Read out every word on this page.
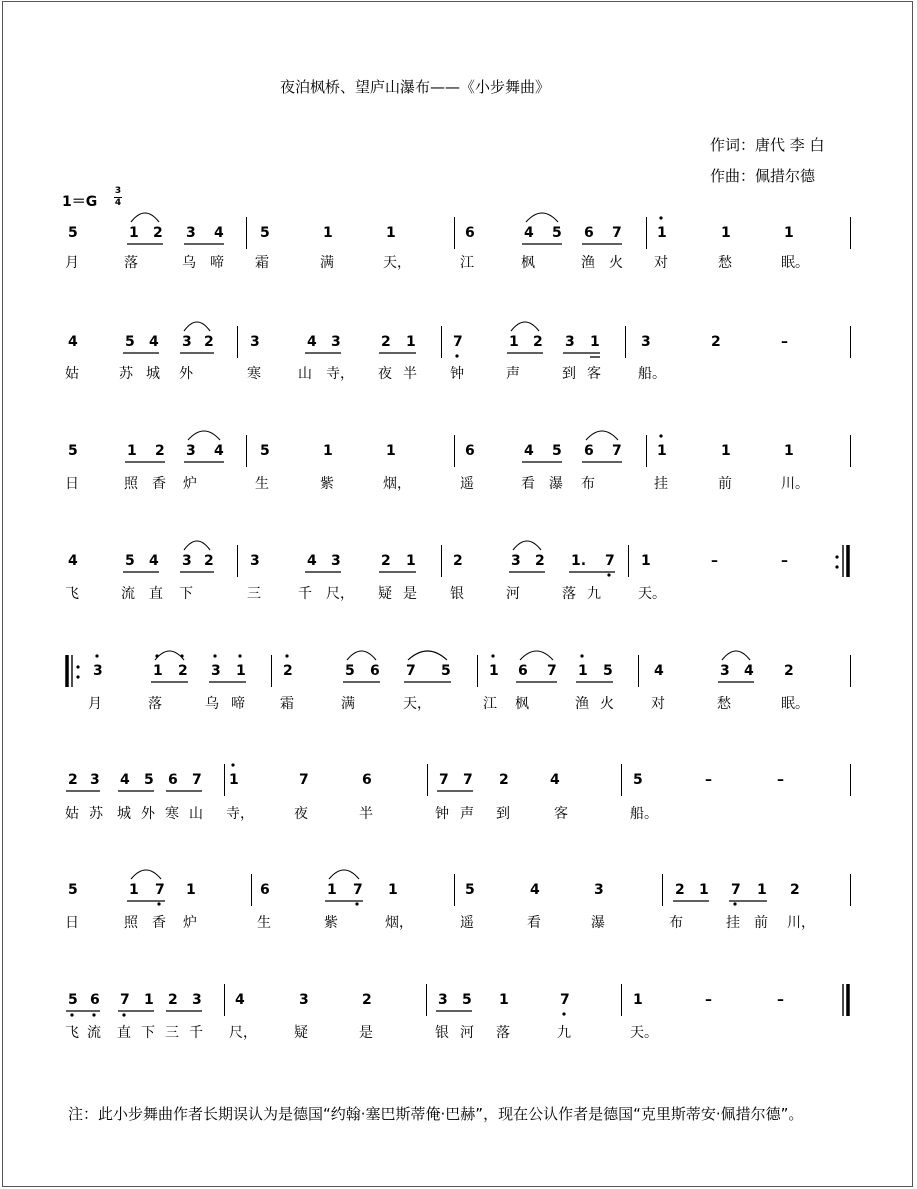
夜泊枫桥、望庐山瀑布——《小步舞曲》
作词：唐代 李 白
作曲：佩措尔德
1＝G
3
4
5	1 2 3 4	5	1	1	6	4 5 6 7	1	1	1
月	落	乌 啼 霜	满	天，	江	枫	渔 火 对	愁	眠。
4	5 4 3 2	3	4 3	2 1	7	1 2 3 1	3	2	–
姑	苏 城 外	寒	山 寺， 夜 半 钟	声	到 客	船。
5	1 2 3 4	5	1	1	6	4 5 6 7	1	1	1
日	照 香 炉	生	紫	烟，	遥	看 瀑 布	挂	前	川。
4	5 4 3 2	3	4 3	2 1	2	3 2 1. 7 1	–	–
飞	流 直 下	三	千 尺， 疑 是 银	河	落 九	天。
3	1 2 3 1	2	5 6 7 5	1 6 7 1 5	4	3 4 2
月	落	乌 啼	霜	满	天，	江 枫	渔 火	对	愁	眠。
2 3 4 5 6 7 1	7	6	7 7 2	4	5	–	–
姑 苏 城 外 寒 山 寺，	夜	半	钟 声 到	客	船。
5	1 7 1	6	1 7 1	5	4	3	2 1 7 1 2
日	照 香 炉	生	紫	烟，	遥	看	瀑	布	挂 前 川，
5 6 7 1 2 3 4	3	2	3 5 1	7	1	–	–
飞 流 直 下 三 千 尺，	疑	是	银 河 落	九	天。
注：此小步舞曲作者长期误认为是德国“约翰·塞巴斯蒂俺·巴赫”，现在公认作者是德国“克里斯蒂安·佩措尔德”。
